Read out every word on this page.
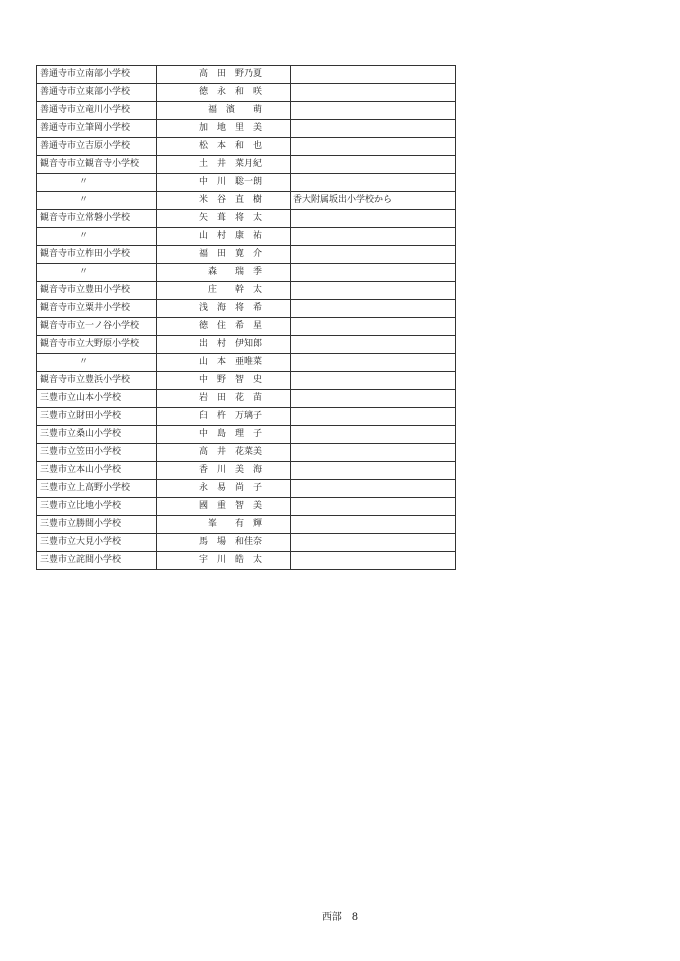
善通寺市立南部小学校	高　田　野乃夏	
善通寺市立東部小学校	徳　永　和　咲	
善通寺市立竜川小学校	福　濱　　萌	
善通寺市立筆岡小学校	加　地　里　美	
善通寺市立吉原小学校	松　本　和　也	
観音寺市立観音寺小学校	土　井　菜月紀	
〃	中　川　聡一朗	
〃	米　谷　直　樹	香大附属坂出小学校から
観音寺市立常磐小学校	矢　葺　将　太	
〃	山　村　康　祐	
観音寺市立柞田小学校	福　田　寛　介	
〃	森　　瑞　季	
観音寺市立豊田小学校	庄　　幹　太	
観音寺市立粟井小学校	浅　海　将　希	
観音寺市立一ノ谷小学校	徳　住　希　星	
観音寺市立大野原小学校	出　村　伊知郎	
〃	山　本　亜唯菜	
観音寺市立豊浜小学校	中　野　智　史	
三豊市立山本小学校	岩　田　花　苗	
三豊市立財田小学校	臼　杵　万璃子	
三豊市立桑山小学校	中　島　理　子	
三豊市立笠田小学校	高　井　花菜美	
三豊市立本山小学校	香　川　美　海	
三豊市立上高野小学校	永　易　尚　子	
三豊市立比地小学校	國　重　智　美	
三豊市立勝間小学校	峯　　有　輝	
三豊市立大見小学校	馬　場　和佳奈	
三豊市立詫間小学校	宇　川　皓　太	
西部　8
